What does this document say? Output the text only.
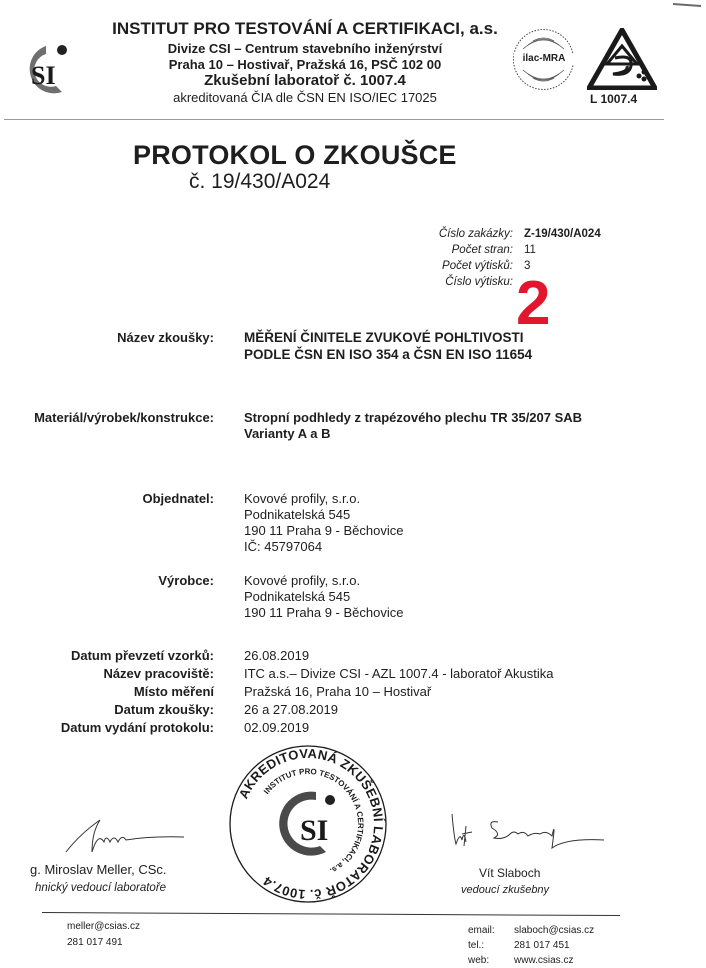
SI
INSTITUT PRO TESTOVÁNÍ A CERTIFIKACI, a.s.
Divize CSI – Centrum stavebního inženýrství
Praha 10 – Hostivař, Pražská 16, PSČ 102 00
Zkušební laboratoř č. 1007.4
akreditovaná ČIA dle ČSN EN ISO/IEC 17025
ilac-MRA
L 1007.4
PROTOKOL O ZKOUŠCE
č. 19/430/A024
Číslo zakázky: Z-19/430/A024
Počet stran: 11
Počet výtisků: 3
Číslo výtisku: 2
Název zkoušky: MĚŘENÍ ČINITELE ZVUKOVÉ POHLTIVOSTI
PODLE ČSN EN ISO 354 a ČSN EN ISO 11654
Materiál/výrobek/konstrukce: Stropní podhledy z trapézového plechu TR 35/207 SAB
Varianty A a B
Objednatel: Kovové profily, s.r.o.
Podnikatelská 545
190 11 Praha 9 - Běchovice
IČ: 45797064
Výrobce: Kovové profily, s.r.o.
Podnikatelská 545
190 11 Praha 9 - Běchovice
Datum převzetí vzorků: 26.08.2019
Název pracoviště: ITC a.s.– Divize CSI - AZL 1007.4 - laboratoř Akustika
Místo měření Pražská 16, Praha 10 – Hostivař
Datum zkoušky: 26 a 27.08.2019
Datum vydání protokolu: 02.09.2019
AKREDITOVANÁ ZKUŠEBNÍ LABORATOŘ č. 1007.4
INSTITUT PRO TESTOVÁNÍ A CERTIFIKACI, a.s.
SI
g. Miroslav Meller, CSc.
hnický vedoucí laboratoře
Vít Slaboch
vedoucí zkušebny
meller@csias.cz
281 017 491
email: slaboch@csias.cz
tel.:	281 017 451
web: www.csias.cz
